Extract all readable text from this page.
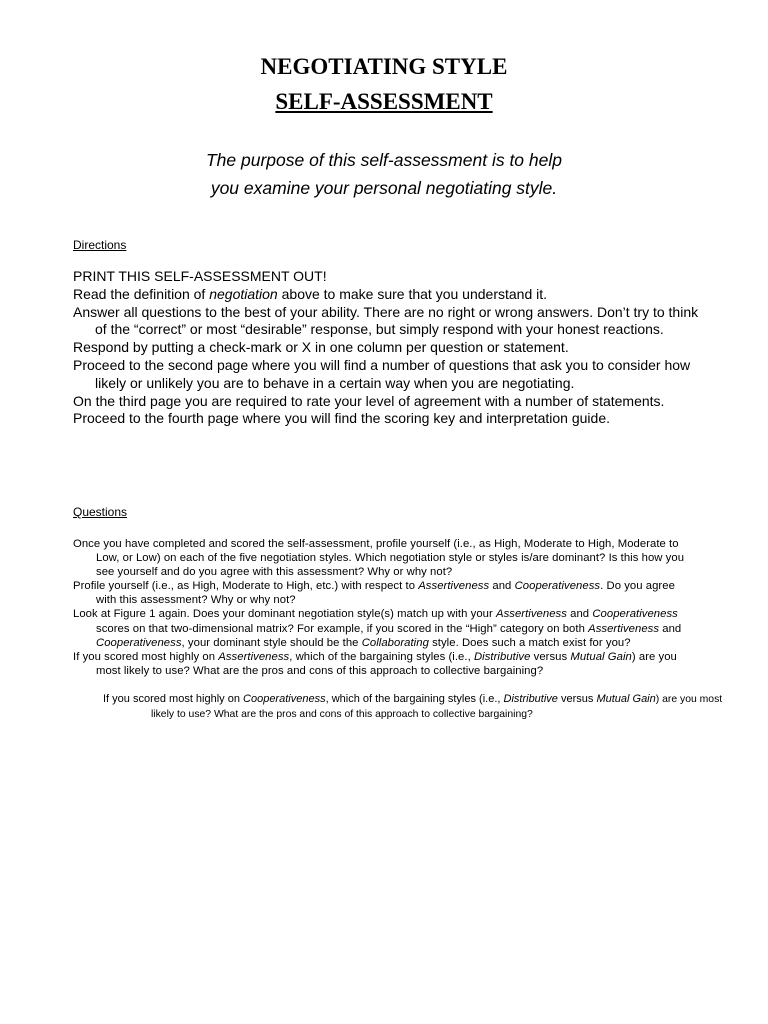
NEGOTIATING STYLE
SELF-ASSESSMENT

The purpose of this self-assessment is to help

you examine your personal negotiating style.

Directions

PRINT THIS SELF-ASSESSMENT OUT!
Read the definition of negotiation above to make sure that you understand it.
Answer all questions to the best of your ability. There are no right or wrong answers. Don’t try to think of the “correct” or most “desirable” response, but simply respond with your honest reactions.
Respond by putting a check-mark or X in one column per question or statement.
Proceed to the second page where you will find a number of questions that ask you to consider how likely or unlikely you are to behave in a certain way when you are negotiating.
On the third page you are required to rate your level of agreement with a number of statements.
Proceed to the fourth page where you will find the scoring key and interpretation guide.

Questions

Once you have completed and scored the self-assessment, profile yourself (i.e., as High, Moderate to High, Moderate to Low, or Low) on each of the five negotiation styles. Which negotiation style or styles is/are dominant? Is this how you see yourself and do you agree with this assessment? Why or why not?
Profile yourself (i.e., as High, Moderate to High, etc.) with respect to Assertiveness and Cooperativeness. Do you agree with this assessment? Why or why not?
Look at Figure 1 again. Does your dominant negotiation style(s) match up with your Assertiveness and Cooperativeness scores on that two-dimensional matrix? For example, if you scored in the “High” category on both Assertiveness and Cooperativeness, your dominant style should be the Collaborating style. Does such a match exist for you?
If you scored most highly on Assertiveness, which of the bargaining styles (i.e., Distributive versus Mutual Gain) are you most likely to use? What are the pros and cons of this approach to collective bargaining?

If you scored most highly on Cooperativeness, which of the bargaining styles (i.e., Distributive versus Mutual Gain) are you most likely to use? What are the pros and cons of this approach to collective bargaining?
